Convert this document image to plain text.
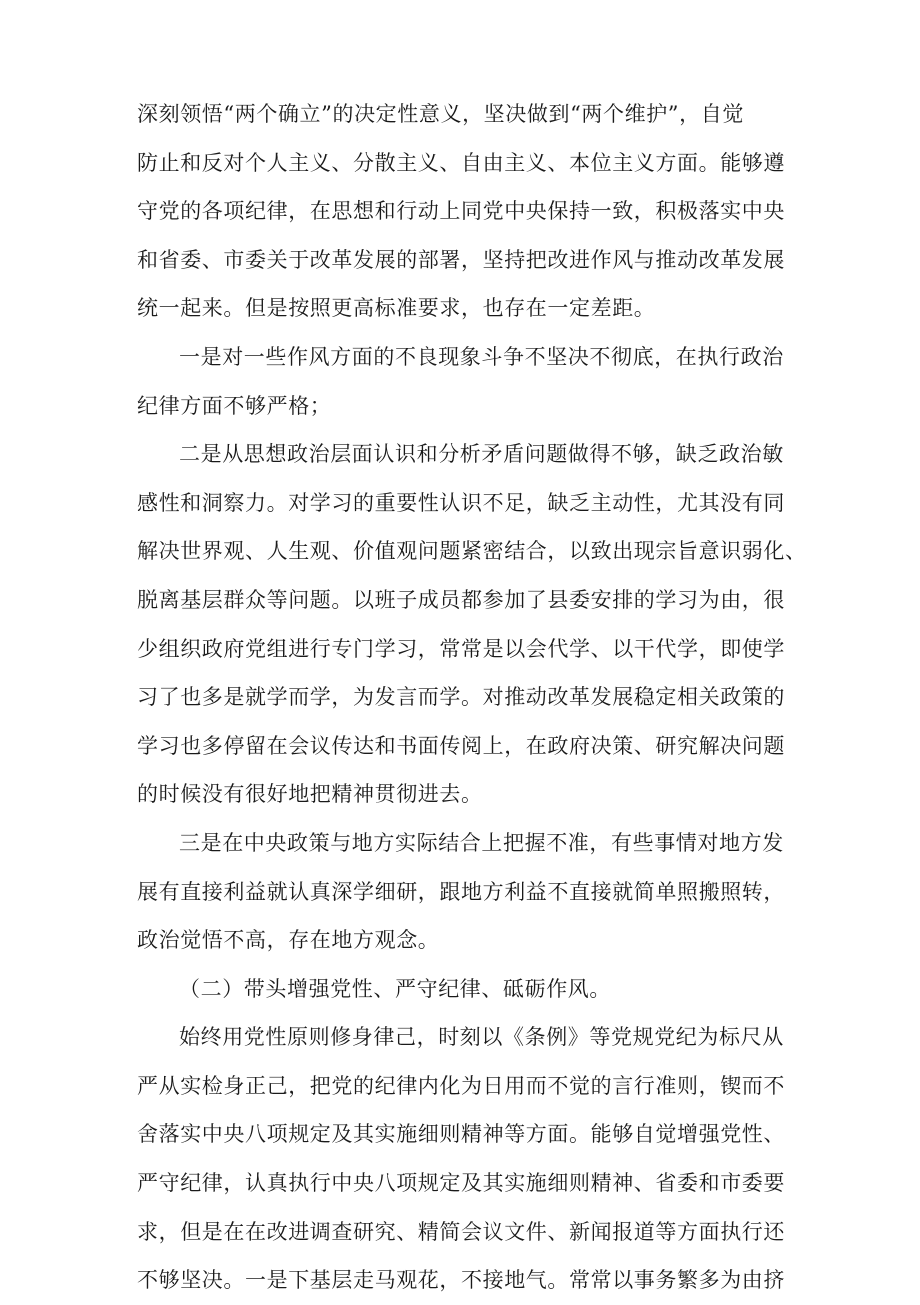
深刻领悟“两个确立”的决定性意义，坚决做到“两个维护”，自觉
防止和反对个人主义、分散主义、自由主义、本位主义方面。能够遵
守党的各项纪律，在思想和行动上同党中央保持一致，积极落实中央
和省委、市委关于改革发展的部署，坚持把改进作风与推动改革发展
统一起来。但是按照更高标准要求，也存在一定差距。
一是对一些作风方面的不良现象斗争不坚决不彻底，在执行政治
纪律方面不够严格；
二是从思想政治层面认识和分析矛盾问题做得不够，缺乏政治敏
感性和洞察力。对学习的重要性认识不足，缺乏主动性，尤其没有同
解决世界观、人生观、价值观问题紧密结合，以致出现宗旨意识弱化、
脱离基层群众等问题。以班子成员都参加了县委安排的学习为由，很
少组织政府党组进行专门学习，常常是以会代学、以干代学，即使学
习了也多是就学而学，为发言而学。对推动改革发展稳定相关政策的
学习也多停留在会议传达和书面传阅上，在政府决策、研究解决问题
的时候没有很好地把精神贯彻进去。
三是在中央政策与地方实际结合上把握不准，有些事情对地方发
展有直接利益就认真深学细研，跟地方利益不直接就简单照搬照转，
政治觉悟不高，存在地方观念。
（二）带头增强党性、严守纪律、砥砺作风。
始终用党性原则修身律己，时刻以《条例》等党规党纪为标尺从
严从实检身正己，把党的纪律内化为日用而不觉的言行准则，锲而不
舍落实中央八项规定及其实施细则精神等方面。能够自觉增强党性、
严守纪律，认真执行中央八项规定及其实施细则精神、省委和市委要
求，但是在在改进调查研究、精简会议文件、新闻报道等方面执行还
不够坚决。一是下基层走马观花，不接地气。常常以事务繁多为由挤
